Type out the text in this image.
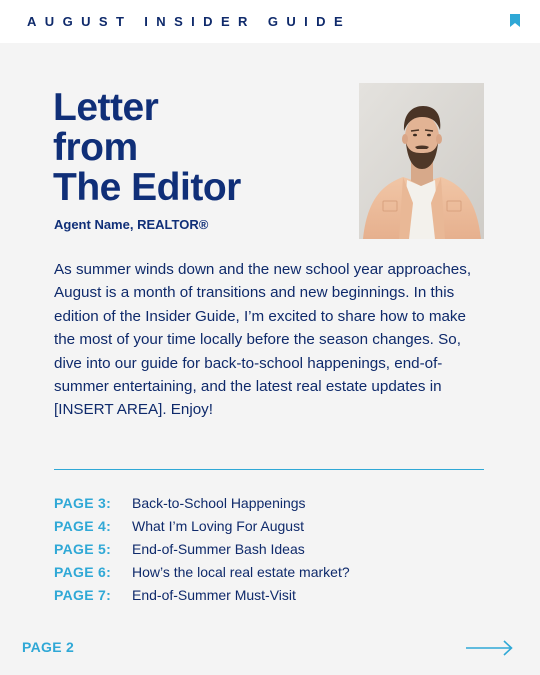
AUGUST INSIDER GUIDE
Letter
from
The Editor
Agent Name, REALTOR®

As summer winds down and the new school year approaches, August is a month of transitions and new beginnings. In this edition of the Insider Guide, I’m excited to share how to make the most of your time locally before the season changes. So, dive into our guide for back-to-school happenings, end-of-summer entertaining, and the latest real estate updates in [INSERT AREA]. Enjoy!

PAGE 3:	Back-to-School Happenings
PAGE 4:	What I’m Loving For August
PAGE 5:	End-of-Summer Bash Ideas
PAGE 6:	How’s the local real estate market?
PAGE 7:	End-of-Summer Must-Visit
PAGE 2
